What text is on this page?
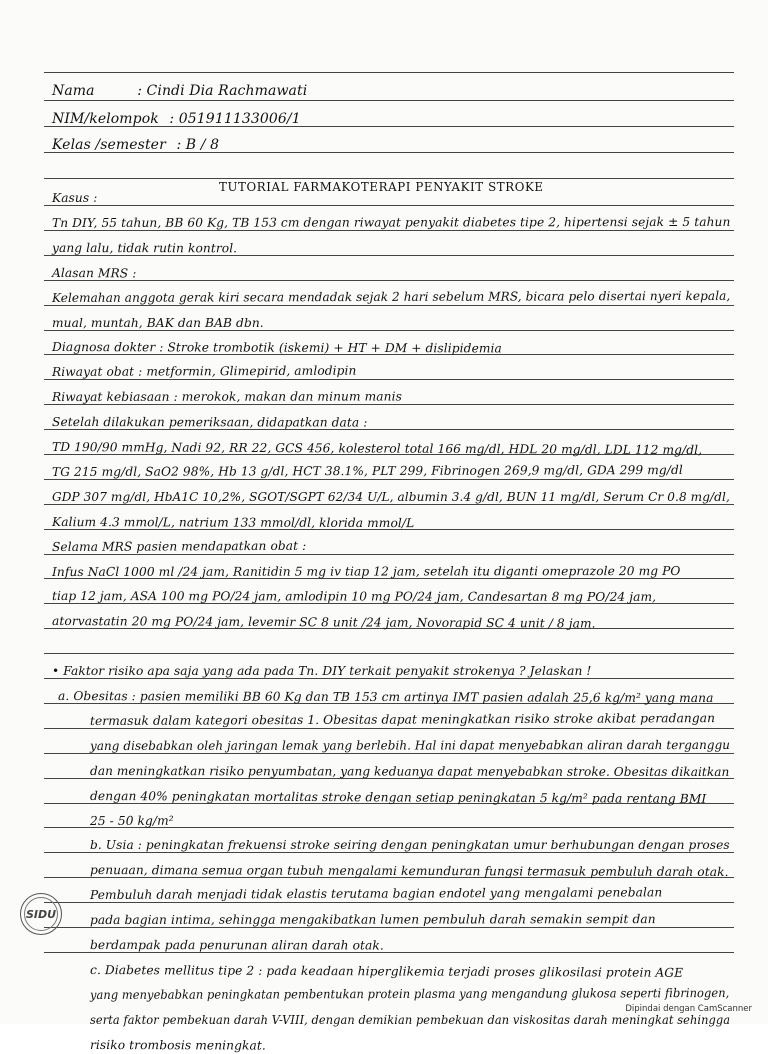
Nama	: Cindi Dia Rachmawati
NIM/kelompok : 051911133006/1
Kelas /semester : B / 8
TUTORIAL FARMAKOTERAPI PENYAKIT STROKE
Kasus :
Tn DIY, 55 tahun, BB 60 Kg, TB 153 cm dengan riwayat penyakit diabetes tipe 2, hipertensi sejak ± 5 tahun
yang lalu, tidak rutin kontrol.
Alasan MRS :
Kelemahan anggota gerak kiri secara mendadak sejak 2 hari sebelum MRS, bicara pelo disertai nyeri kepala,
mual, muntah, BAK dan BAB dbn.
Diagnosa dokter : Stroke trombotik (iskemi) + HT + DM + dislipidemia
Riwayat obat : metformin, Glimepirid, amlodipin
Riwayat kebiasaan : merokok, makan dan minum manis
Setelah dilakukan pemeriksaan, didapatkan data :
TD 190/90 mmHg, Nadi 92, RR 22, GCS 456, kolesterol total 166 mg/dl, HDL 20 mg/dl, LDL 112 mg/dl,
TG 215 mg/dl, SaO2 98%, Hb 13 g/dl, HCT 38.1%, PLT 299, Fibrinogen 269,9 mg/dl, GDA 299 mg/dl
GDP 307 mg/dl, HbA1C 10,2%, SGOT/SGPT 62/34 U/L, albumin 3.4 g/dl, BUN 11 mg/dl, Serum Cr 0.8 mg/dl,
Kalium 4.3 mmol/L, natrium 133 mmol/dl, klorida mmol/L
Selama MRS pasien mendapatkan obat :
Infus NaCl 1000 ml /24 jam, Ranitidin 5 mg iv tiap 12 jam, setelah itu diganti omeprazole 20 mg PO
tiap 12 jam, ASA 100 mg PO/24 jam, amlodipin 10 mg PO/24 jam, Candesartan 8 mg PO/24 jam,
atorvastatin 20 mg PO/24 jam, levemir SC 8 unit /24 jam, Novorapid SC 4 unit / 8 jam.
• Faktor risiko apa saja yang ada pada Tn. DIY terkait penyakit strokenya ? Jelaskan !
a. Obesitas : pasien memiliki BB 60 Kg dan TB 153 cm artinya IMT pasien adalah 25,6 kg/m² yang mana
termasuk dalam kategori obesitas 1. Obesitas dapat meningkatkan risiko stroke akibat peradangan
yang disebabkan oleh jaringan lemak yang berlebih. Hal ini dapat menyebabkan aliran darah terganggu
dan meningkatkan risiko penyumbatan, yang keduanya dapat menyebabkan stroke. Obesitas dikaitkan
dengan 40% peningkatan mortalitas stroke dengan setiap peningkatan 5 kg/m² pada rentang BMI
25 - 50 kg/m²
b. Usia : peningkatan frekuensi stroke seiring dengan peningkatan umur berhubungan dengan proses
penuaan, dimana semua organ tubuh mengalami kemunduran fungsi termasuk pembuluh darah otak.
Pembuluh darah menjadi tidak elastis terutama bagian endotel yang mengalami penebalan
pada bagian intima, sehingga mengakibatkan lumen pembuluh darah semakin sempit dan
berdampak pada penurunan aliran darah otak.
c. Diabetes mellitus tipe 2 : pada keadaan hiperglikemia terjadi proses glikosilasi protein AGE
yang menyebabkan peningkatan pembentukan protein plasma yang mengandung glukosa seperti fibrinogen,
serta faktor pembekuan darah V-VIII, dengan demikian pembekuan dan viskositas darah meningkat sehingga
risiko trombosis meningkat.
SIDU
Dipindai dengan CamScanner
